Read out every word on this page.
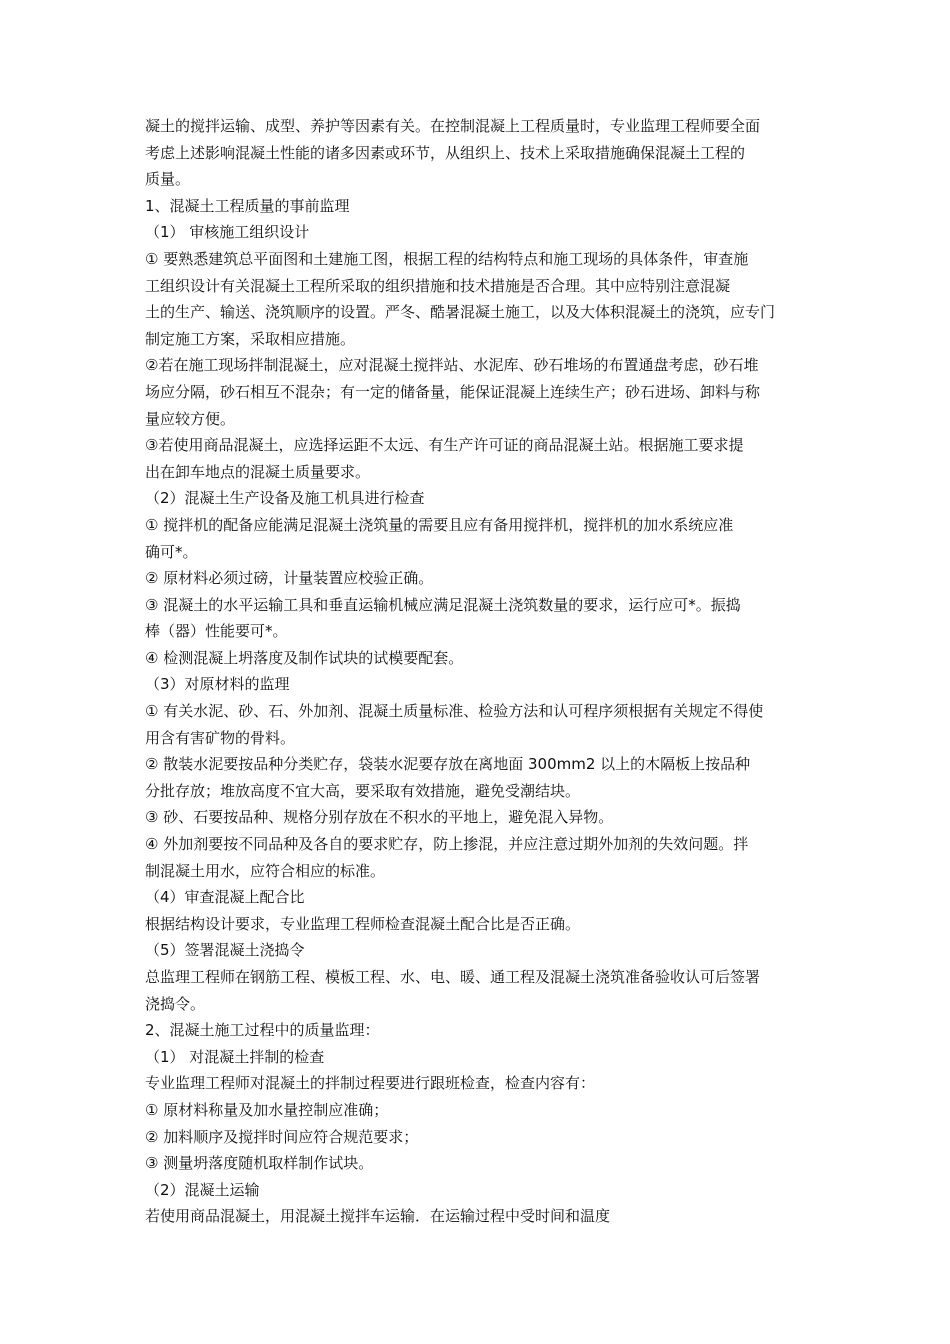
凝土的搅拌运输、成型、养护等因素有关。在控制混凝上工程质量时，专业监理工程师要全面
考虑上述影响混凝土性能的诸多因素或环节，从组织上、技术上采取措施确保混凝土工程的
质量。
1、混凝土工程质量的事前监理
（1） 审核施工组织设计
① 要熟悉建筑总平面图和土建施工图，根据工程的结构特点和施工现场的具体条件，审查施
工组织设计有关混凝土工程所采取的组织措施和技术措施是否合理。其中应特别注意混凝
土的生产、输送、浇筑顺序的设置。严冬、酷暑混凝土施工，以及大体积混凝土的浇筑，应专门
制定施工方案，采取相应措施。
②若在施工现场拌制混凝土，应对混凝土搅拌站、水泥库、砂石堆场的布置通盘考虑，砂石堆
场应分隔，砂石相互不混杂；有一定的储备量，能保证混凝上连续生产；砂石进场、卸料与称
量应较方便。
③若使用商品混凝土，应选择运距不太远、有生产许可证的商品混凝土站。根据施工要求提
出在卸车地点的混凝土质量要求。
（2）混凝土生产设备及施工机具进行检查
① 搅拌机的配备应能满足混凝土浇筑量的需要且应有备用搅拌机，搅拌机的加水系统应准
确可*。
② 原材料必须过磅，计量装置应校验正确。
③ 混凝土的水平运输工具和垂直运输机械应满足混凝土浇筑数量的要求，运行应可*。振捣
棒（器）性能要可*。
④ 检测混凝上坍落度及制作试块的试模要配套。
（3）对原材料的监理
① 有关水泥、砂、石、外加剂、混凝土质量标准、检验方法和认可程序须根据有关规定不得使
用含有害矿物的骨料。
② 散装水泥要按品种分类贮存，袋装水泥要存放在离地面 300mm2 以上的木隔板上按品种
分批存放；堆放高度不宜大高，要采取有效措施，避免受潮结块。
③ 砂、石要按品种、规格分别存放在不积水的平地上，避免混入异物。
④ 外加剂要按不同品种及各自的要求贮存，防上掺混，并应注意过期外加剂的失效问题。拌
制混凝土用水，应符合相应的标准。
（4）审查混凝上配合比
根据结构设计要求，专业监理工程师检查混凝土配合比是否正确。
（5）签署混凝土浇捣令
总监理工程师在钢筋工程、模板工程、水、电、暖、通工程及混凝土浇筑准备验收认可后签署
浇捣令。
2、混凝土施工过程中的质量监理：
（1） 对混凝土拌制的检查
专业监理工程师对混凝土的拌制过程要进行跟班检查，检查内容有：
① 原材料称量及加水量控制应准确；
② 加料顺序及搅拌时间应符合规范要求；
③ 测量坍落度随机取样制作试块。
（2）混凝土运输
若使用商品混凝土，用混凝土搅拌车运输．在运输过程中受时间和温度
